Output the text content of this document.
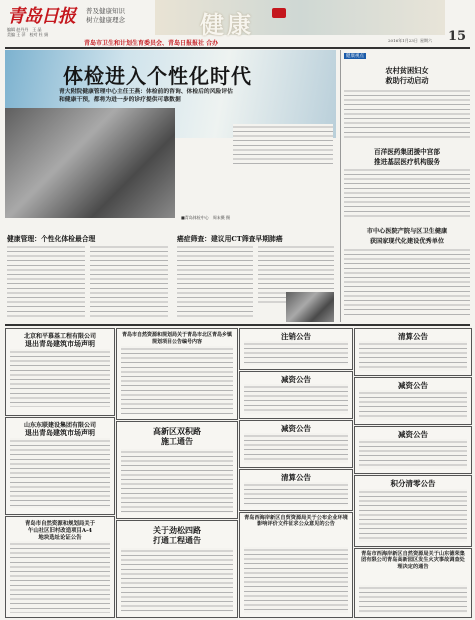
青岛日报 普及健康知识
树立健康理念
编辑 赵丹丹　王 晶
美编 王 萍　校对 杜 娟	健康
2016年1月23日 星期六 15
青岛市卫生和计划生育委员会、青岛日报报社 合办
体检进入个性化时代
青大附院健康管理中心主任王燕：体检前的咨询、体检后的风险评估
和健康干预，都将为进一步的诊疗提供可靠数据
■青岛体检中心　周末摄 摄
健康管理：个性化体检最合理	癌症筛查：建议用CT筛查早期肺癌
健康视点
农村贫困妇女
救助行动启动
百洋医药集团援中宫部
推进基层医疗机构服务
市中心医院产院与区卫生健康
获国家现代化建设优秀单位
北京和平慕基工程有限公司
退出青岛建筑市场声明
山东东联建设集团有限公司
退出青岛建筑市场声明
青岛市自然资源和规划局关于
午山社区旧村改造项目A-4
地块选址论证公告
青岛市自然资源和规划局关于青岛市北区青岛乡镇
规划项目公告编号内容
高新区双积路
施工通告
关于劲松四路
打通工程通告
注销公告
减资公告
减资公告
清算公告
青岛西海岸新区自贸资源局关于公布企业环境影响评价文件征求公众意见的公告
清算公告
减资公告
减资公告
积分清零公告
青岛市西海岸新区自然资源局关于山东德荣集团有限公司青岛高新园区发生火灾事故调查处理决定的通告
